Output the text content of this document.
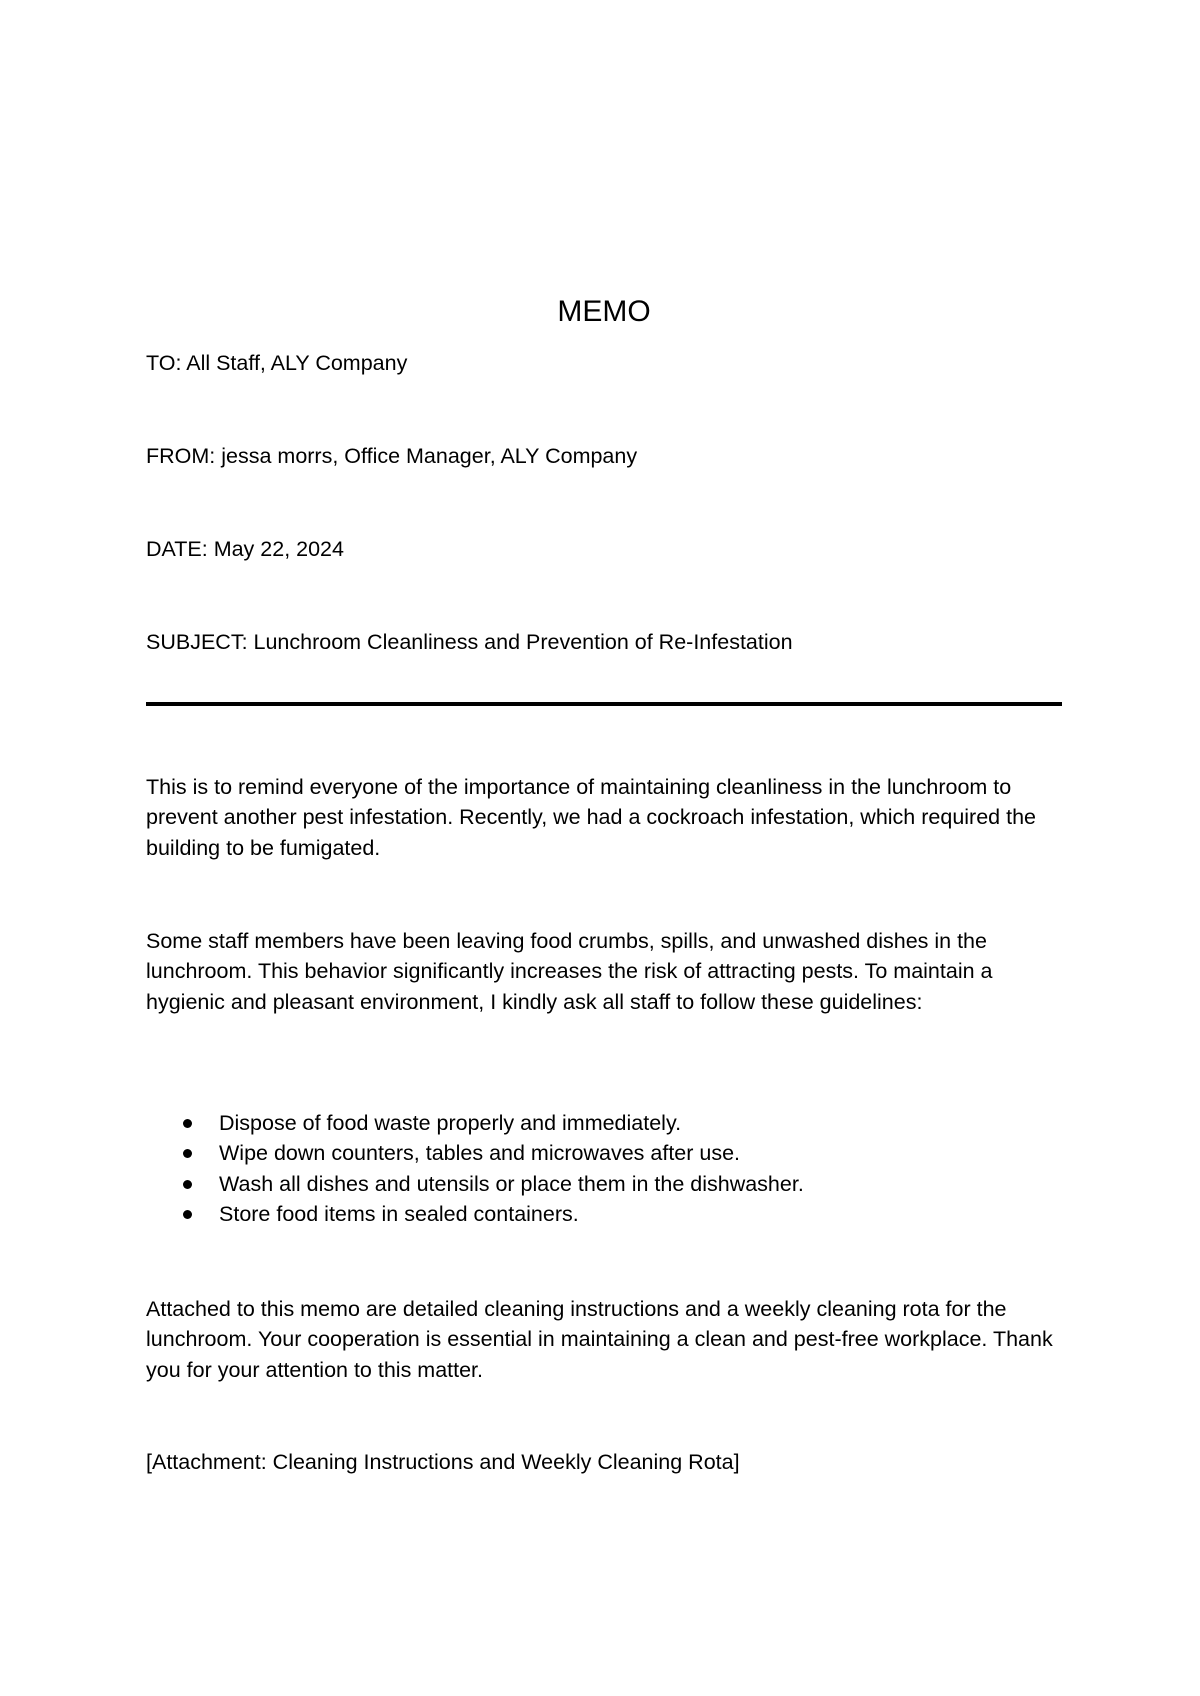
MEMO
TO: All Staff, ALY Company
FROM: jessa morrs, Office Manager, ALY Company
DATE: May 22, 2024
SUBJECT: Lunchroom Cleanliness and Prevention of Re-Infestation

This is to remind everyone of the importance of maintaining cleanliness in the lunchroom to prevent another pest infestation. Recently, we had a cockroach infestation, which required the building to be fumigated.

Some staff members have been leaving food crumbs, spills, and unwashed dishes in the lunchroom. This behavior significantly increases the risk of attracting pests. To maintain a hygienic and pleasant environment, I kindly ask all staff to follow these guidelines:

Dispose of food waste properly and immediately.
Wipe down counters, tables and microwaves after use.
Wash all dishes and utensils or place them in the dishwasher.
Store food items in sealed containers.

Attached to this memo are detailed cleaning instructions and a weekly cleaning rota for the lunchroom. Your cooperation is essential in maintaining a clean and pest-free workplace. Thank you for your attention to this matter.

[Attachment: Cleaning Instructions and Weekly Cleaning Rota]
